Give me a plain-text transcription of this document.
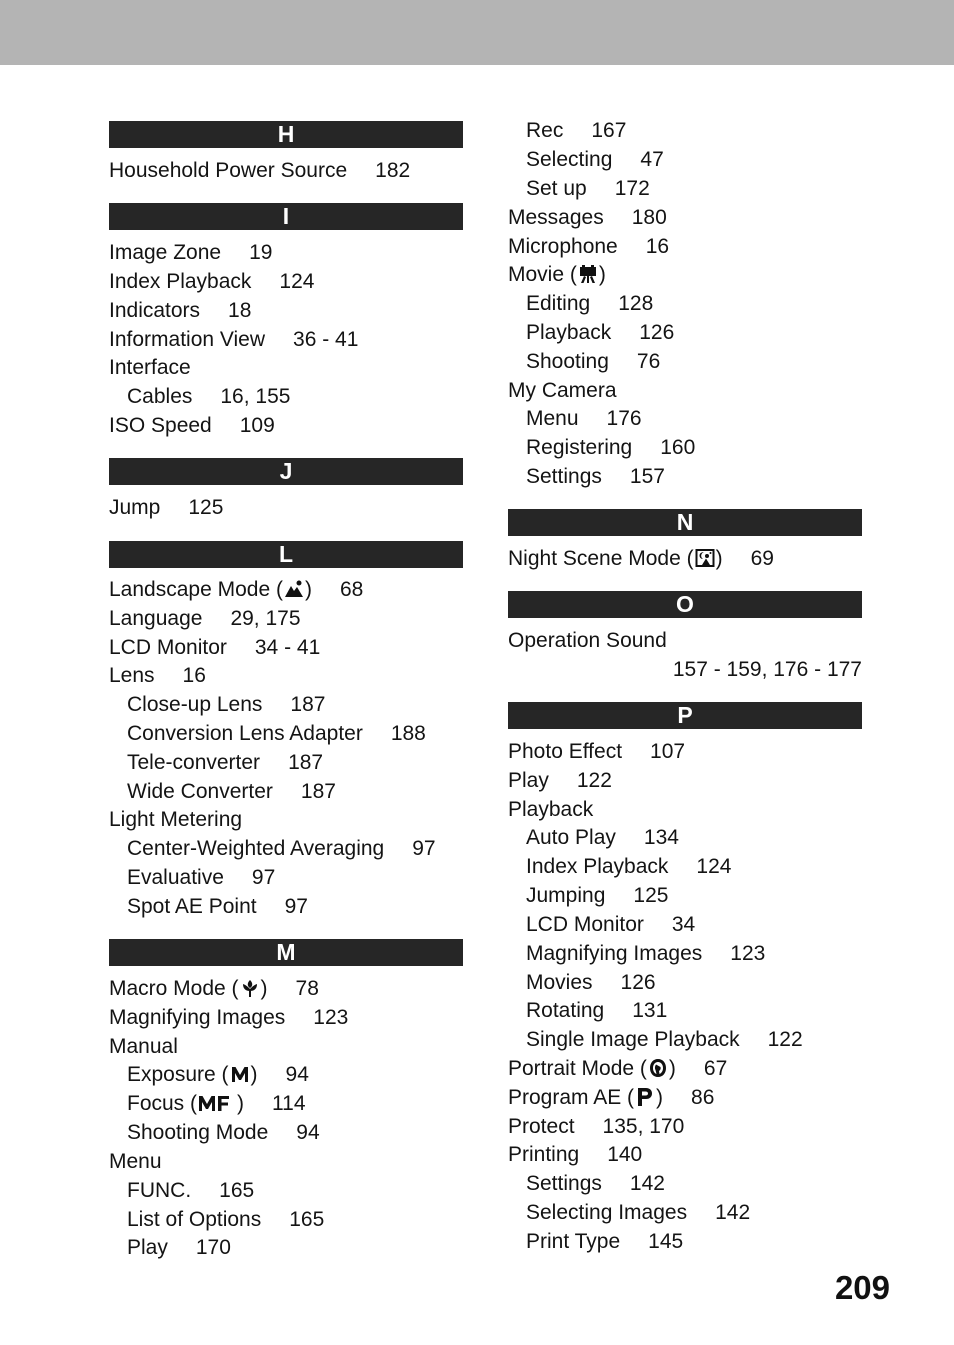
H
Household Power Source 182
I
Image Zone 19
Index Playback 124
Indicators 18
Information View 36 - 41
Interface
Cables 16, 155
ISO Speed 109
J
Jump 125
L
Landscape Mode ( ) 68
Language 29, 175
LCD Monitor 34 - 41
Lens 16
Close-up Lens 187
Conversion Lens Adapter 188
Tele-converter 187
Wide Converter 187
Light Metering
Center-Weighted Averaging 97
Evaluative 97
Spot AE Point 97
M
Macro Mode ( ) 78
Magnifying Images 123
Manual
Exposure ( ) 94
Focus ( ) 114
Shooting Mode 94
Menu
FUNC. 165
List of Options 165
Play 170
Rec 167
Selecting 47
Set up 172
Messages 180
Microphone 16
Movie ( )
Editing 128
Playback 126
Shooting 76
My Camera
Menu 176
Registering 160
Settings 157
N
Night Scene Mode ( ) 69
O
Operation Sound
157 - 159, 176 - 177
P
Photo Effect 107
Play 122
Playback
Auto Play 134
Index Playback 124
Jumping 125
LCD Monitor 34
Magnifying Images 123
Movies 126
Rotating 131
Single Image Playback 122
Portrait Mode ( ) 67
Program AE ( ) 86
Protect 135, 170
Printing 140
Settings 142
Selecting Images 142
Print Type 145
209
